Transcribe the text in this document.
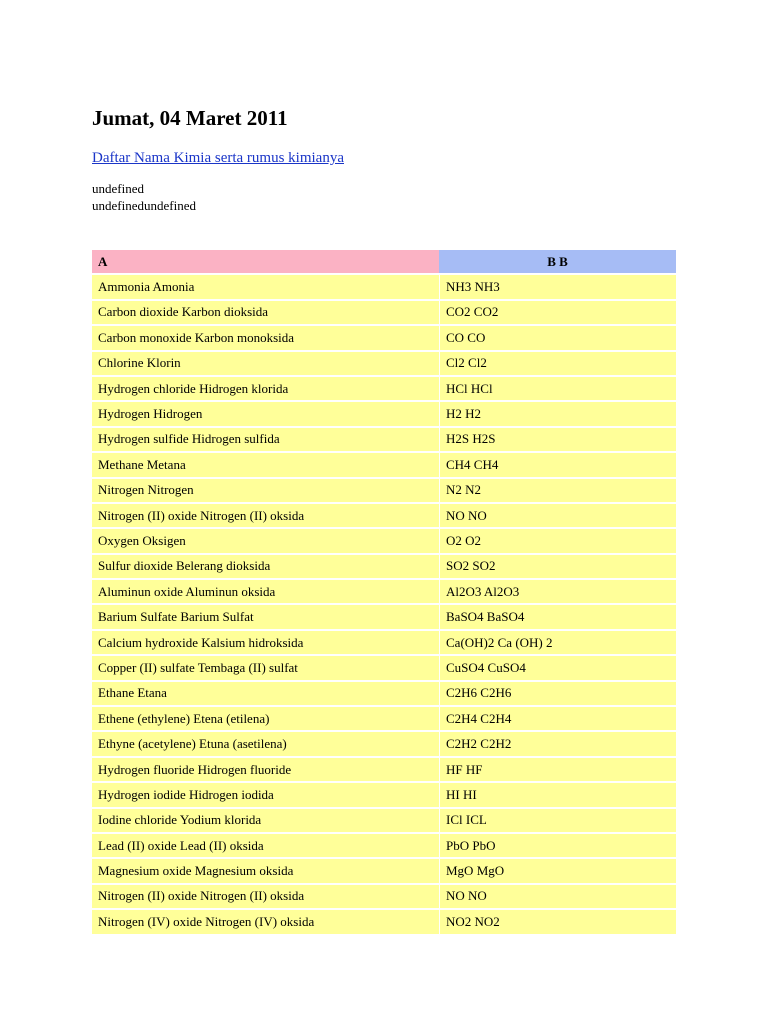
Jumat, 04 Maret 2011
Daftar Nama Kimia serta rumus kimianya
undefined
undefinedundefined
A	B B
Ammonia Amonia	NH3 NH3
Carbon dioxide Karbon dioksida	CO2 CO2
Carbon monoxide Karbon monoksida	CO CO
Chlorine Klorin	Cl2 Cl2
Hydrogen chloride Hidrogen klorida	HCl HCl
Hydrogen Hidrogen	H2 H2
Hydrogen sulfide Hidrogen sulfida	H2S H2S
Methane Metana	CH4 CH4
Nitrogen Nitrogen	N2 N2
Nitrogen (II) oxide Nitrogen (II) oksida	NO NO
Oxygen Oksigen	O2 O2
Sulfur dioxide Belerang dioksida	SO2 SO2
Aluminun oxide Aluminun oksida	Al2O3 Al2O3
Barium Sulfate Barium Sulfat	BaSO4 BaSO4
Calcium hydroxide Kalsium hidroksida	Ca(OH)2 Ca (OH) 2
Copper (II) sulfate Tembaga (II) sulfat	CuSO4 CuSO4
Ethane Etana	C2H6 C2H6
Ethene (ethylene) Etena (etilena)	C2H4 C2H4
Ethyne (acetylene) Etuna (asetilena)	C2H2 C2H2
Hydrogen fluoride Hidrogen fluoride	HF HF
Hydrogen iodide Hidrogen iodida	HI HI
Iodine chloride Yodium klorida	ICl ICL
Lead (II) oxide Lead (II) oksida	PbO PbO
Magnesium oxide Magnesium oksida	MgO MgO
Nitrogen (II) oxide Nitrogen (II) oksida	NO NO
Nitrogen (IV) oxide Nitrogen (IV) oksida	NO2 NO2
